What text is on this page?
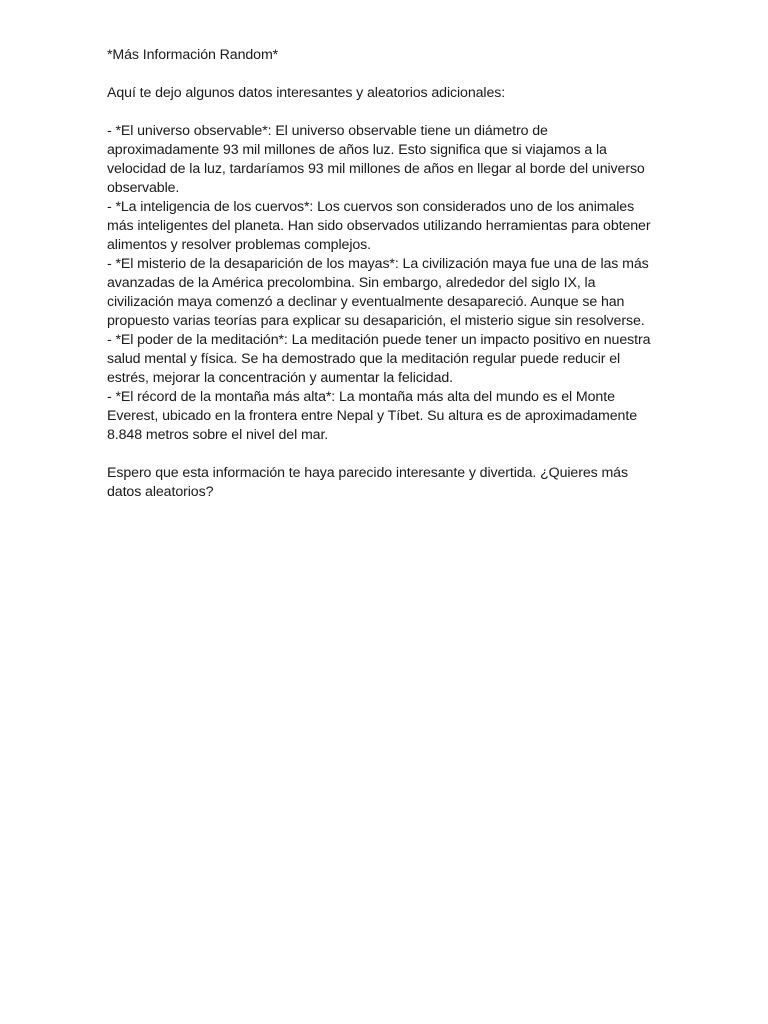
*Más Información Random*

Aquí te dejo algunos datos interesantes y aleatorios adicionales:

- *El universo observable*: El universo observable tiene un diámetro de aproximadamente 93 mil millones de años luz. Esto significa que si viajamos a la velocidad de la luz, tardaríamos 93 mil millones de años en llegar al borde del universo observable.

- *La inteligencia de los cuervos*: Los cuervos son considerados uno de los animales más inteligentes del planeta. Han sido observados utilizando herramientas para obtener alimentos y resolver problemas complejos.

- *El misterio de la desaparición de los mayas*: La civilización maya fue una de las más avanzadas de la América precolombina. Sin embargo, alrededor del siglo IX, la civilización maya comenzó a declinar y eventualmente desapareció. Aunque se han propuesto varias teorías para explicar su desaparición, el misterio sigue sin resolverse.

- *El poder de la meditación*: La meditación puede tener un impacto positivo en nuestra salud mental y física. Se ha demostrado que la meditación regular puede reducir el estrés, mejorar la concentración y aumentar la felicidad.

- *El récord de la montaña más alta*: La montaña más alta del mundo es el Monte Everest, ubicado en la frontera entre Nepal y Tíbet. Su altura es de aproximadamente 8.848 metros sobre el nivel del mar.

Espero que esta información te haya parecido interesante y divertida. ¿Quieres más datos aleatorios?
